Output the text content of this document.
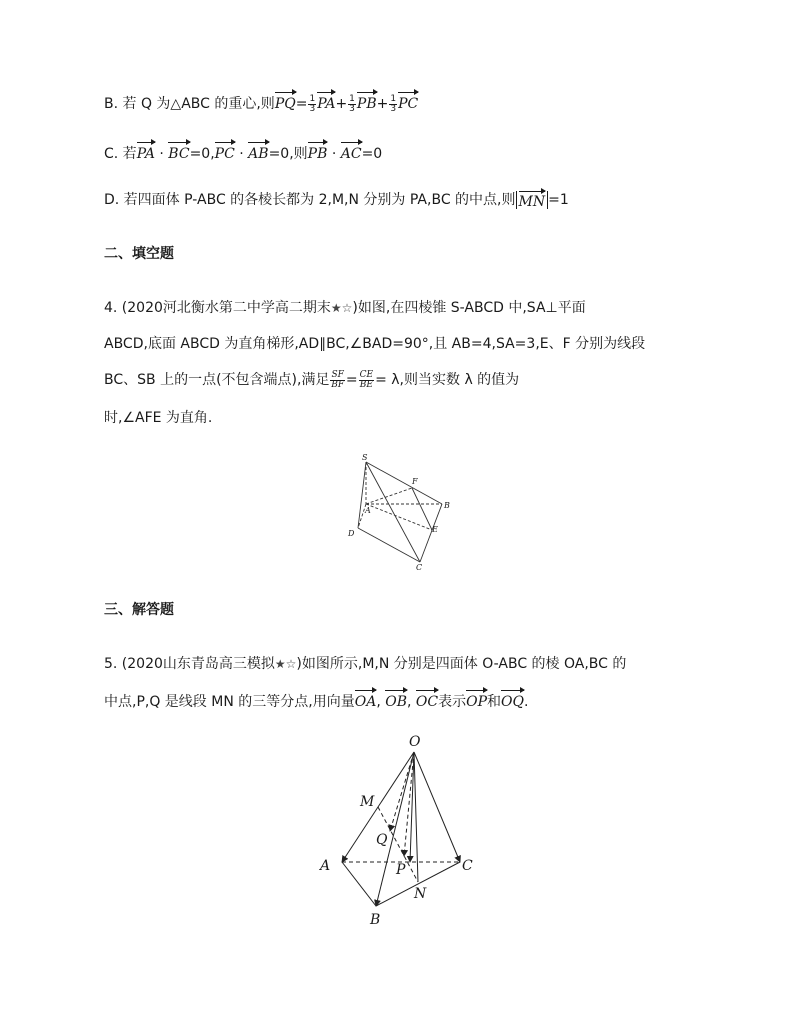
B. 若 Q 为△ABC 的重心,则$PQ= \frac{1}{3} PA+ \frac{1}{3} PB+ \frac{1}{3}$ PC
C. 若PA · BC=0,PC · AB=0,则PB · AC=0
D. 若四面体 P-ABC 的各棱长都为 2,M,N 分别为 PA,BC 的中点,则 MN =1
二、填空题
4. (2020河北衡水第二中学高二期末★☆)如图,在四棱锥 S-ABCD 中,SA⊥平面
ABCD,底面 ABCD 为直角梯形,AD∥BC,∠BAD=90°,且 AB=4,SA=3,E、F 分别为线段
BC、SB 上的一点(不包含端点),满足 $\frac{SF}{BF} = \frac{CE}{BE} = \lambda$,则当实数 λ 的值为
时,∠AFE 为直角.
S
F
B
A
D	E
C
三、解答题
5. (2020山东青岛高三模拟★☆)如图所示,M,N 分别是四面体 O-ABC 的棱 OA,BC 的
中点,P,Q 是线段 MN 的三等分点,用向量OA, OB, OC表示OP和OQ.
O
M
Q
A	P	C
N
B
